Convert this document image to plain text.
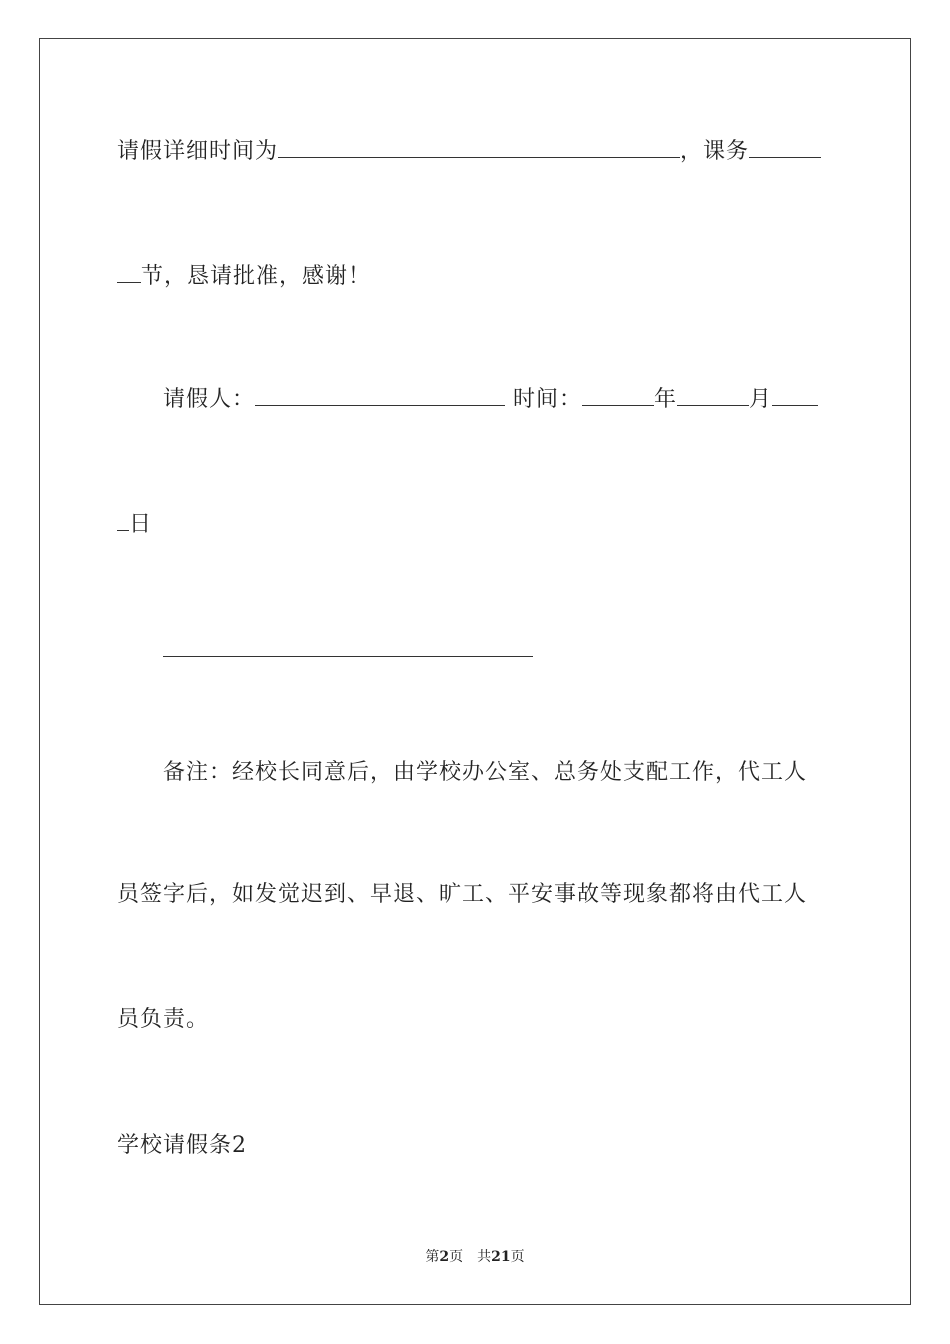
请假详细时间为	，课务
节，恳请批准，感谢！
请假人：	时间：	年	月
日
备注：经校长同意后，由学校办公室、总务处支配工作，代工人
员签字后，如发觉迟到、早退、旷工、平安事故等现象都将由代工人
员负责。
学校请假条2
第2页　共21页
